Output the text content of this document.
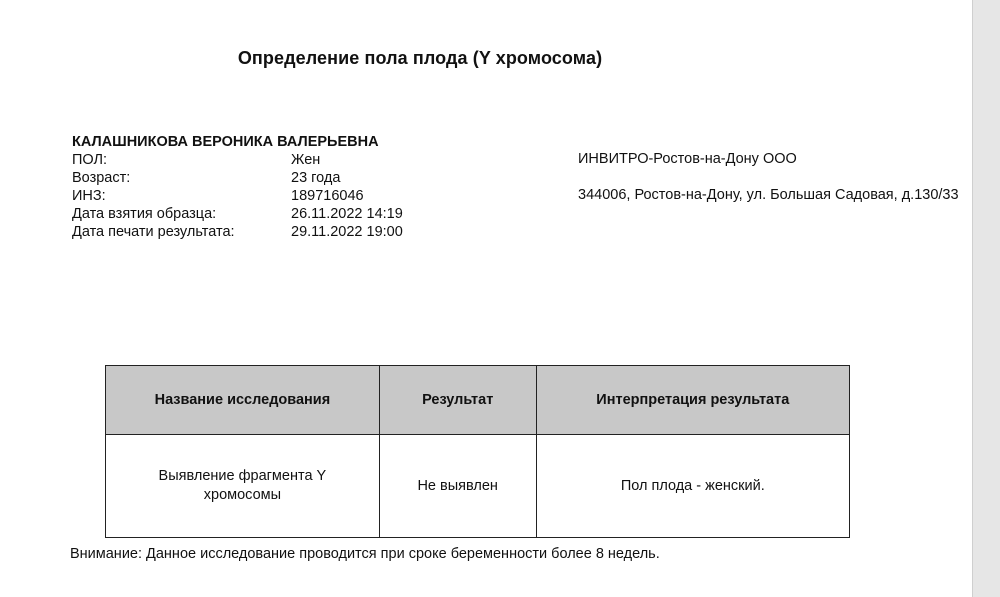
Определение пола плода (Y хромосома)
КАЛАШНИКОВА ВЕРОНИКА ВАЛЕРЬЕВНА
ПОЛ:	Жен
Возраст:	23 года
ИНЗ:	189716046
Дата взятия образца:	26.11.2022 14:19
Дата печати результата:	29.11.2022 19:00
ИНВИТРО-Ростов-на-Дону ООО
344006, Ростов-на-Дону, ул. Большая Садовая, д.130/33
Название исследования	Результат	Интерпретация результата
Выявление фрагмента Y хромосомы	Не выявлен	Пол плода - женский.
Внимание: Данное исследование проводится при сроке беременности более 8 недель.
